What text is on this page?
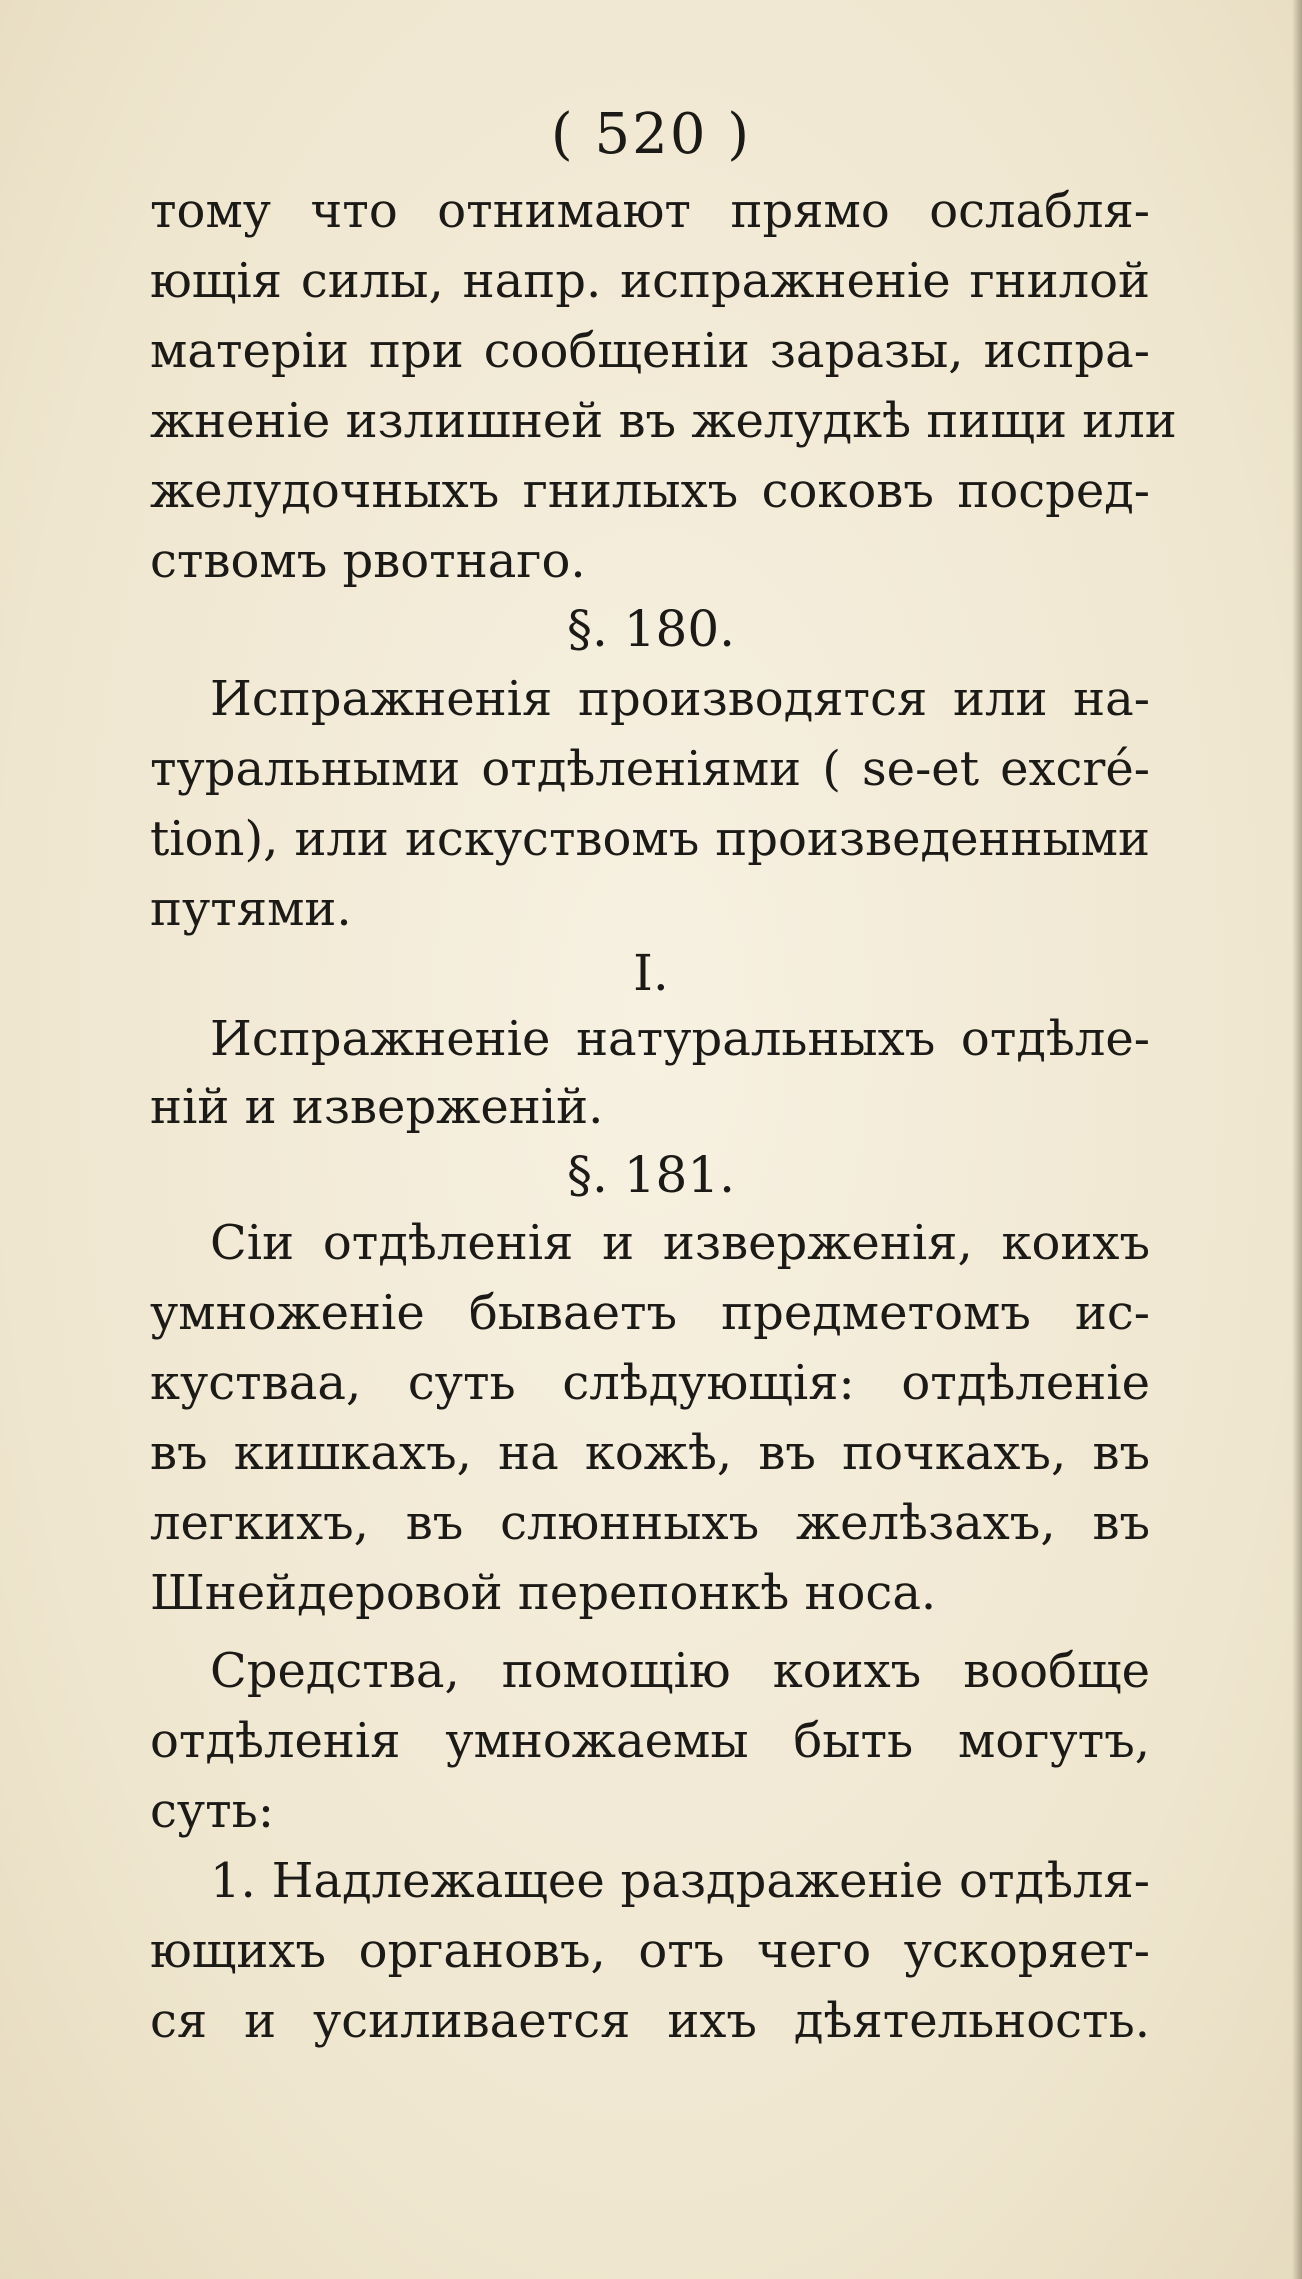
( 520 )
тому что отнимают прямо ослабля-
ющія силы, напр. испражненіе гнилой
матеріи при сообщеніи заразы, испра-
жненіе излишней въ желудкѣ пищи или
желудочныхъ гнилыхъ соковъ посред-
ствомъ рвотнаго.
§. 180.
Испражненія производятся или на-
туральными отдѣленіями ( se-et excré-
tion), или искуствомъ произведенными
путями.
I.
Испражненіе натуральныхъ отдѣле-
ній и изверженій.
§. 181.
Сіи отдѣленія и изверженія, коихъ
умноженіе бываетъ предметомъ ис-
кустваа, суть слѣдующія: отдѣленіе
въ кишкахъ, на кожѣ, въ почкахъ, въ
легкихъ, въ слюнныхъ желѣзахъ, въ
Шнейдеровой перепонкѣ носа.
Средства, помощію коихъ вообще
отдѣленія умножаемы быть могутъ,
суть:
1. Надлежащее раздраженіе отдѣля-
ющихъ органовъ, отъ чего ускоряет-
ся и усиливается ихъ дѣятельность.
